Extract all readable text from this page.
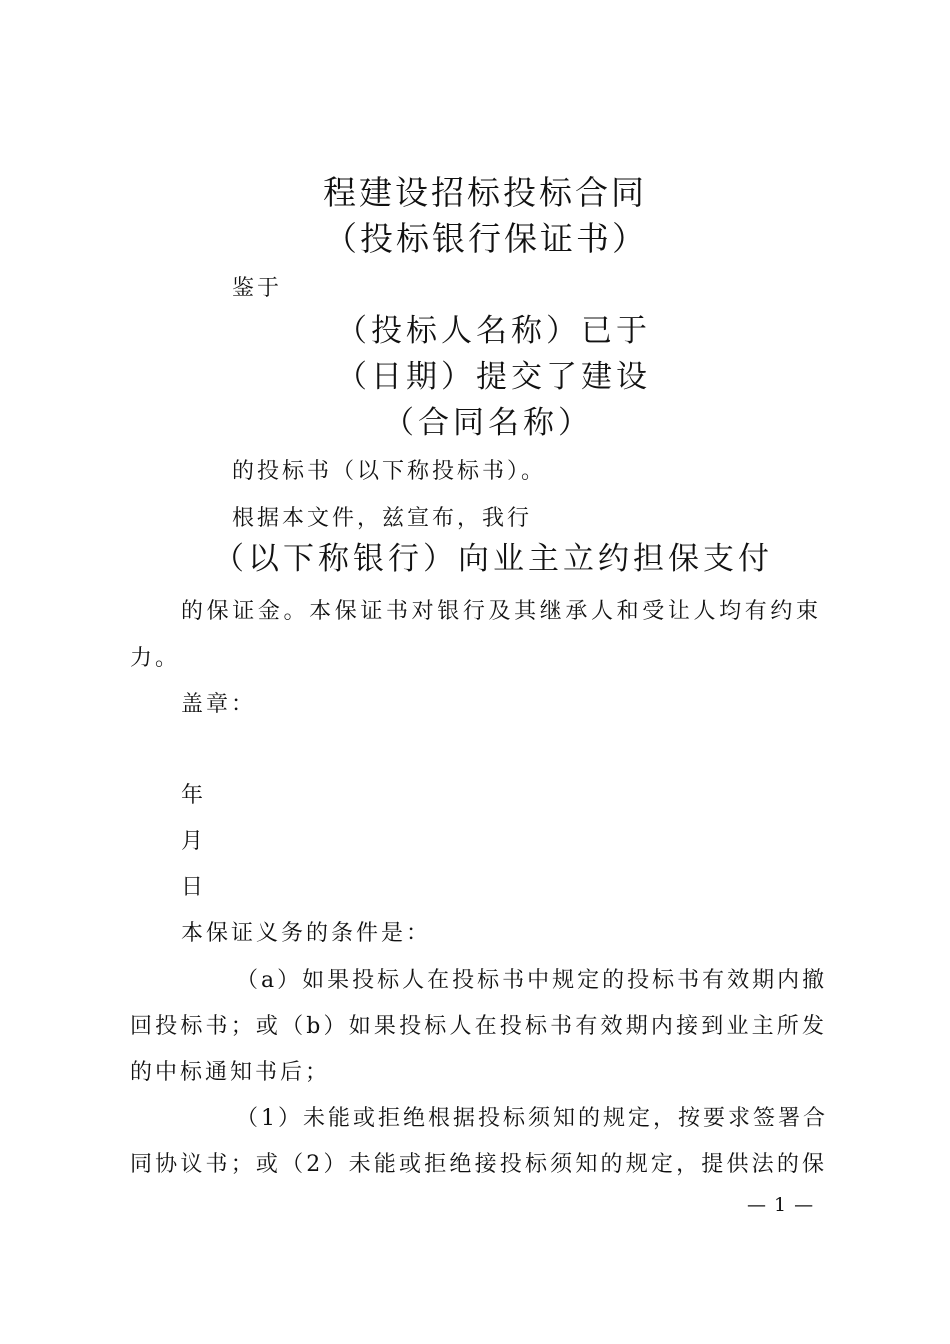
程建设招标投标合同
（投标银行保证书）
鉴于
（投标人名称）已于
（日期）提交了建设
（合同名称）
的投标书（以下称投标书）。
根据本文件，兹宣布，我行
（以下称银行）向业主立约担保支付
的保证金。本保证书对银行及其继承人和受让人均有约束
力。
盖章：
年
月
日
本保证义务的条件是：
（a）如果投标人在投标书中规定的投标书有效期内撤
回投标书；或（b）如果投标人在投标书有效期内接到业主所发
的中标通知书后；
（1）未能或拒绝根据投标须知的规定，按要求签署合
同协议书；或（2）未能或拒绝接投标须知的规定，提供法的保
— 1 —
